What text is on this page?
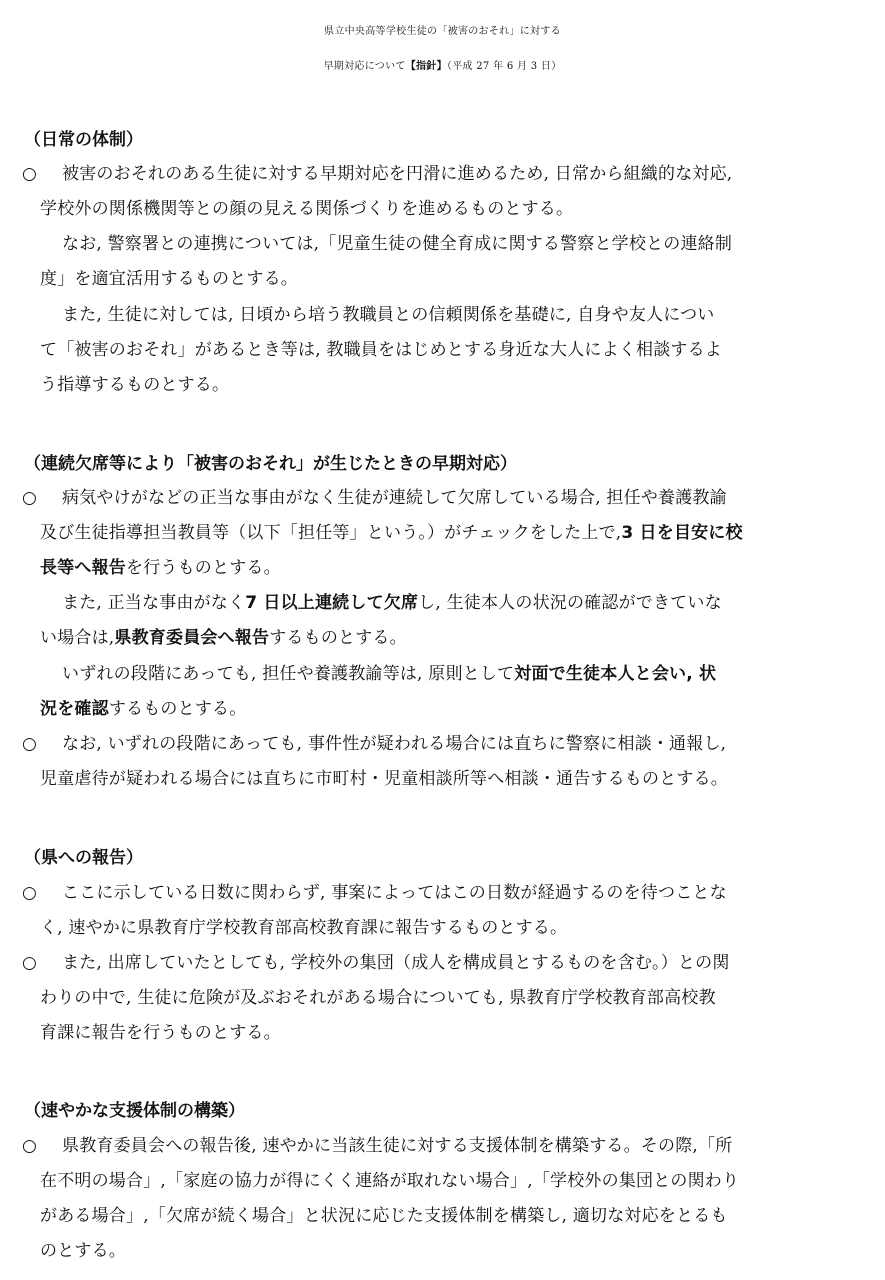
県立中央高等学校生徒の「被害のおそれ」に対する
早期対応について【指針】（平成 27 年 6 月 3 日）
（日常の体制）
○ 被害のおそれのある生徒に対する早期対応を円滑に進めるため, 日常から組織的な対応,
学校外の関係機関等との顔の見える関係づくりを進めるものとする。
なお, 警察署との連携については,「児童生徒の健全育成に関する警察と学校との連絡制
度」を適宜活用するものとする。
また, 生徒に対しては, 日頃から培う教職員との信頼関係を基礎に, 自身や友人につい
て「被害のおそれ」があるとき等は, 教職員をはじめとする身近な大人によく相談するよ
う指導するものとする。
（連続欠席等により「被害のおそれ」が生じたときの早期対応）
○ 病気やけがなどの正当な事由がなく生徒が連続して欠席している場合, 担任や養護教諭
及び生徒指導担当教員等（以下「担任等」という。）がチェックをした上で,3 日を目安に校
長等へ報告を行うものとする。
また, 正当な事由がなく7 日以上連続して欠席し, 生徒本人の状況の確認ができていな
い場合は,県教育委員会へ報告するものとする。
いずれの段階にあっても, 担任や養護教諭等は, 原則として対面で生徒本人と会い, 状
況を確認するものとする。
○ なお, いずれの段階にあっても, 事件性が疑われる場合には直ちに警察に相談・通報し,
児童虐待が疑われる場合には直ちに市町村・児童相談所等へ相談・通告するものとする。
（県への報告）
○ ここに示している日数に関わらず, 事案によってはこの日数が経過するのを待つことな
く, 速やかに県教育庁学校教育部高校教育課に報告するものとする。
○ また, 出席していたとしても, 学校外の集団（成人を構成員とするものを含む。）との関
わりの中で, 生徒に危険が及ぶおそれがある場合についても, 県教育庁学校教育部高校教
育課に報告を行うものとする。
（速やかな支援体制の構築）
○ 県教育委員会への報告後, 速やかに当該生徒に対する支援体制を構築する。その際,「所
在不明の場合」,「家庭の協力が得にくく連絡が取れない場合」,「学校外の集団との関わり
がある場合」,「欠席が続く場合」と状況に応じた支援体制を構築し, 適切な対応をとるも
のとする。
